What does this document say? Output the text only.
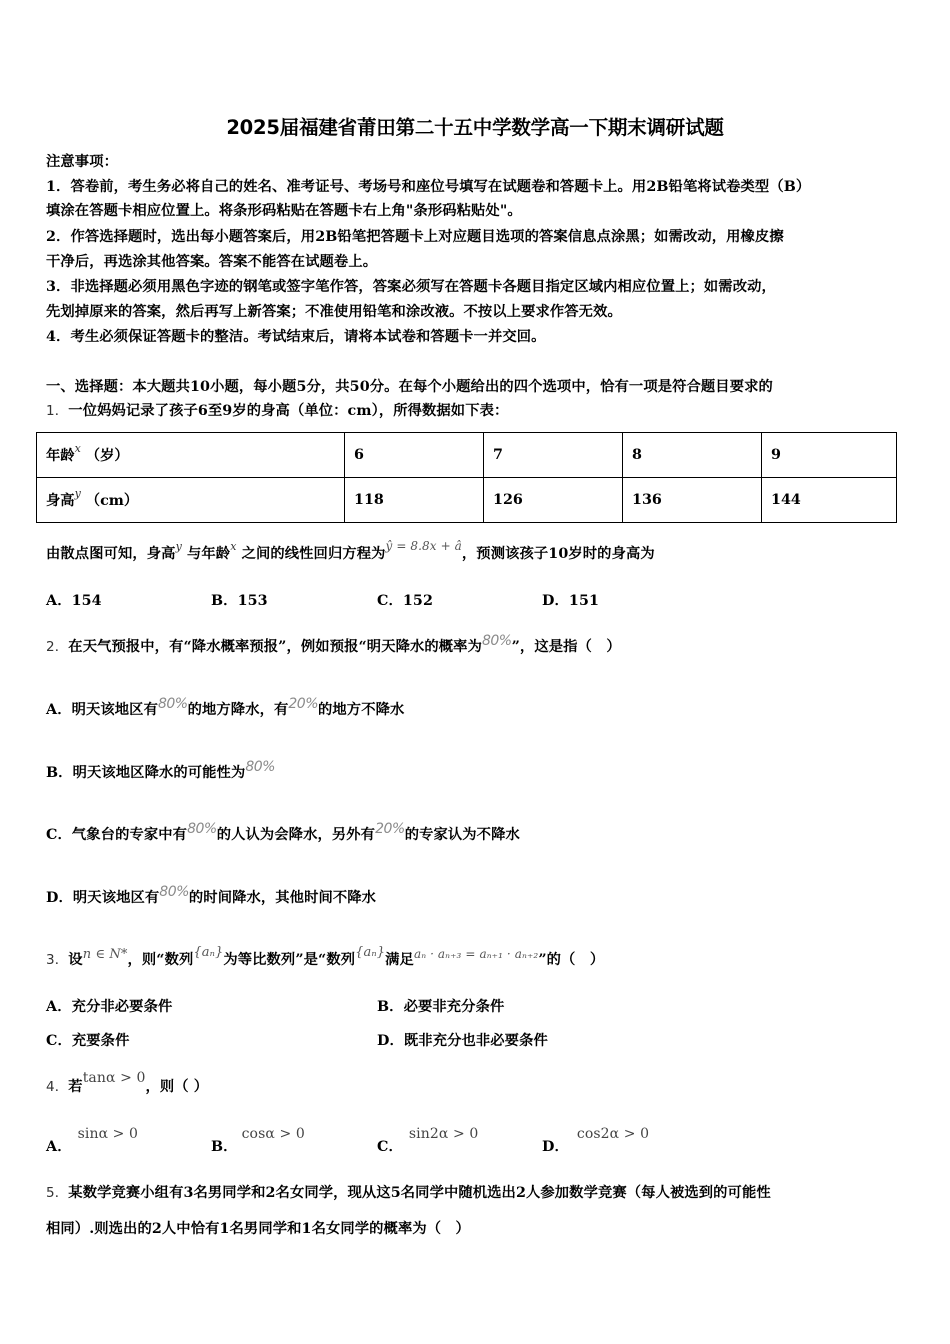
2025届福建省莆田第二十五中学数学高一下期末调研试题
注意事项：
1．答卷前，考生务必将自己的姓名、准考证号、考场号和座位号填写在试题卷和答题卡上。用2B铅笔将试卷类型（B）
填涂在答题卡相应位置上。将条形码粘贴在答题卡右上角"条形码粘贴处"。
2．作答选择题时，选出每小题答案后，用2B铅笔把答题卡上对应题目选项的答案信息点涂黑；如需改动，用橡皮擦
干净后，再选涂其他答案。答案不能答在试题卷上。
3．非选择题必须用黑色字迹的钢笔或签字笔作答，答案必须写在答题卡各题目指定区域内相应位置上；如需改动，
先划掉原来的答案，然后再写上新答案；不准使用铅笔和涂改液。不按以上要求作答无效。
4．考生必须保证答题卡的整洁。考试结束后，请将本试卷和答题卡一并交回。
一、选择题：本大题共10小题，每小题5分，共50分。在每个小题给出的四个选项中，恰有一项是符合题目要求的
1．一位妈妈记录了孩子6至9岁的身高（单位：cm），所得数据如下表：
年龄$^x$ （岁）	6	7	8	9
身高$^y$ （cm）	118	126	136	144
由散点图可知，身高$^y$ 与年龄$^x$ 之间的线性回归方程为$^{ŷ = 8.8x + â}$，预测该孩子10岁时的身高为
A．154	B．153	C．152	D．151
2．在天气预报中，有“降水概率预报”，例如预报“明天降水的概率为80%”，这是指（　）
A．明天该地区有80%的地方降水，有20%的地方不降水
B．明天该地区降水的可能性为80%
C．气象台的专家中有80%的人认为会降水，另外有20%的专家认为不降水
D．明天该地区有80%的时间降水，其他时间不降水
3．设n ∈ N*，则“数列{aₙ}为等比数列”是“数列{aₙ}满足$^{a_n \cdot a_{n+3} = a_{n+1} \cdot a_{n+2}}$”的（　）
A．充分非必要条件	B．必要非充分条件
C．充要条件	D．既非充分也非必要条件
4．若tanα > 0，则（ ）
A．sinα > 0
B．cosα > 0
C．sin2α > 0
D．cos2α > 0
5．某数学竞赛小组有3名男同学和2名女同学，现从这5名同学中随机选出2人参加数学竞赛（每人被选到的可能性
相同）.则选出的2人中恰有1名男同学和1名女同学的概率为（　）
